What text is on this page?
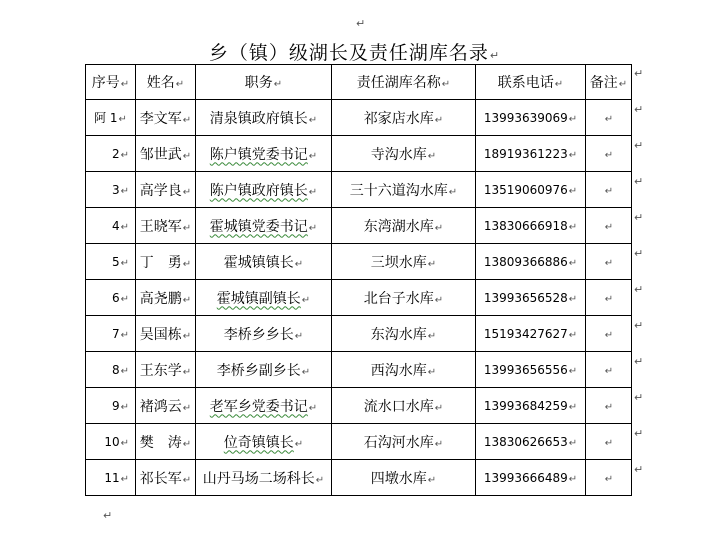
↵
乡（镇）级湖长及责任湖库名录↵
序号↵	姓名↵	职务↵	责任湖库名称↵	联系电话↵	备注↵
阿 1↵	李文军↵	清泉镇政府镇长↵	祁家店水库↵	13993639069↵	↵
2↵	邹世武↵	陈户镇党委书记↵	寺沟水库↵	18919361223↵	↵
3↵	高学良↵	陈户镇政府镇长↵	三十六道沟水库↵	13519060976↵	↵
4↵	王晓军↵	霍城镇党委书记↵	东湾湖水库↵	13830666918↵	↵
5↵	丁　勇↵	霍城镇镇长↵	三坝水库↵	13809366886↵	↵
6↵	高尧鹏↵	霍城镇副镇长↵	北台子水库↵	13993656528↵	↵
7↵	吴国栋↵	李桥乡乡长↵	东沟水库↵	15193427627↵	↵
8↵	王东学↵	李桥乡副乡长↵	西沟水库↵	13993656556↵	↵
9↵	褚鸿云↵	老军乡党委书记↵	流水口水库↵	13993684259↵	↵
10↵	樊　涛↵	位奇镇镇长↵	石沟河水库↵	13830626653↵	↵
11↵	祁长军↵	山丹马场二场科长↵	四墩水库↵	13993666489↵	↵
↵
↵
↵
↵
↵
↵
↵
↵
↵
↵
↵
↵
↵
